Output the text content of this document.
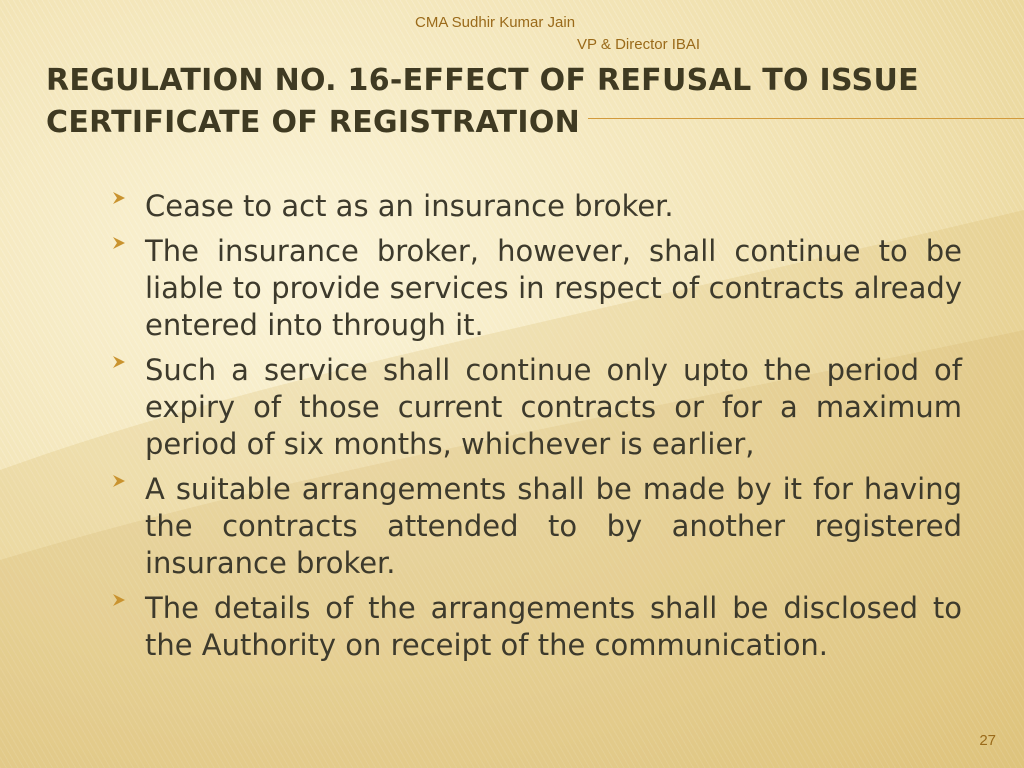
CMA Sudhir Kumar Jain
VP & Director IBAI
REGULATION NO. 16-EFFECT OF REFUSAL TO ISSUE CERTIFICATE OF REGISTRATION
Cease to act as an insurance broker.
The insurance broker, however, shall continue to be liable to provide services in respect of contracts already entered into through it.
Such a service shall continue only upto the period of expiry of those current contracts or for a maximum period of six months, whichever is earlier,
A suitable arrangements shall be made by it for having the contracts attended to by another registered insurance broker.
The details of the arrangements shall be disclosed to the Authority on receipt of the communication.
27
